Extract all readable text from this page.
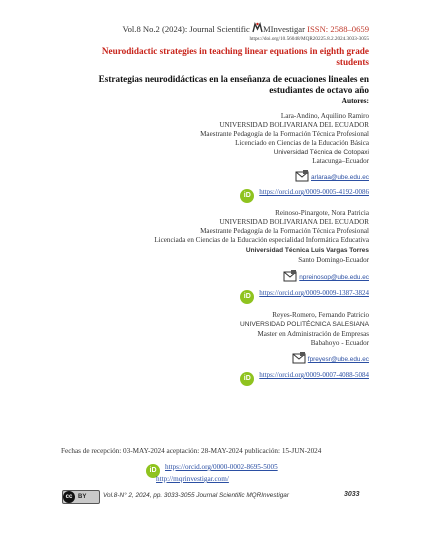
Vol.8 No.2 (2024): Journal Scientific MInvestigar ISSN: 2588–0659
https://doi.org/10.56048/MQR20225.8.2.2024.3033-3055
Neurodidactic strategies in teaching linear equations in eighth grade
students
Estrategias neurodidácticas en la enseñanza de ecuaciones lineales en
estudiantes de octavo año
Autores:
Lara-Andino, Aquilino Ramiro
UNIVERSIDAD BOLIVARIANA DEL ECUADOR
Maestrante Pedagogía de la Formación Técnica Profesional
Licenciado en Ciencias de la Educación Básica
Universidad Técnica de Cotopaxi
Latacunga–Ecuador
arlaraa@ube.edu.ec
iD https://orcid.org/0009-0005-4192-0086
Reinoso-Pinargote, Nora Patricia
UNIVERSIDAD BOLIVARIANA DEL ECUADOR
Maestrante Pedagogía de la Formación Técnica Profesional
Licenciada en Ciencias de la Educación especialidad Informática Educativa
Universidad Técnica Luis Vargas Torres
Santo Domingo-Ecuador
npreinosop@ube.edu.ec
iD https://orcid.org/0009-0009-1387-3824
Reyes-Romero, Fernando Patricio
UNIVERSIDAD POLITÉCNICA SALESIANA
Master en Administración de Empresas
Babahoyo - Ecuador
fpreyesr@ube.edu.ec
iD https://orcid.org/0009-0007-4088-5084
Fechas de recepción: 03-MAY-2024 aceptación: 28-MAY-2024 publicación: 15-JUN-2024
iD https://orcid.org/0000-0002-8695-5005
http://mqrinvestigar.com/
cc BY	Vol.8-N° 2, 2024, pp. 3033-3055 Journal Scientific MQRInvestigar	3033
